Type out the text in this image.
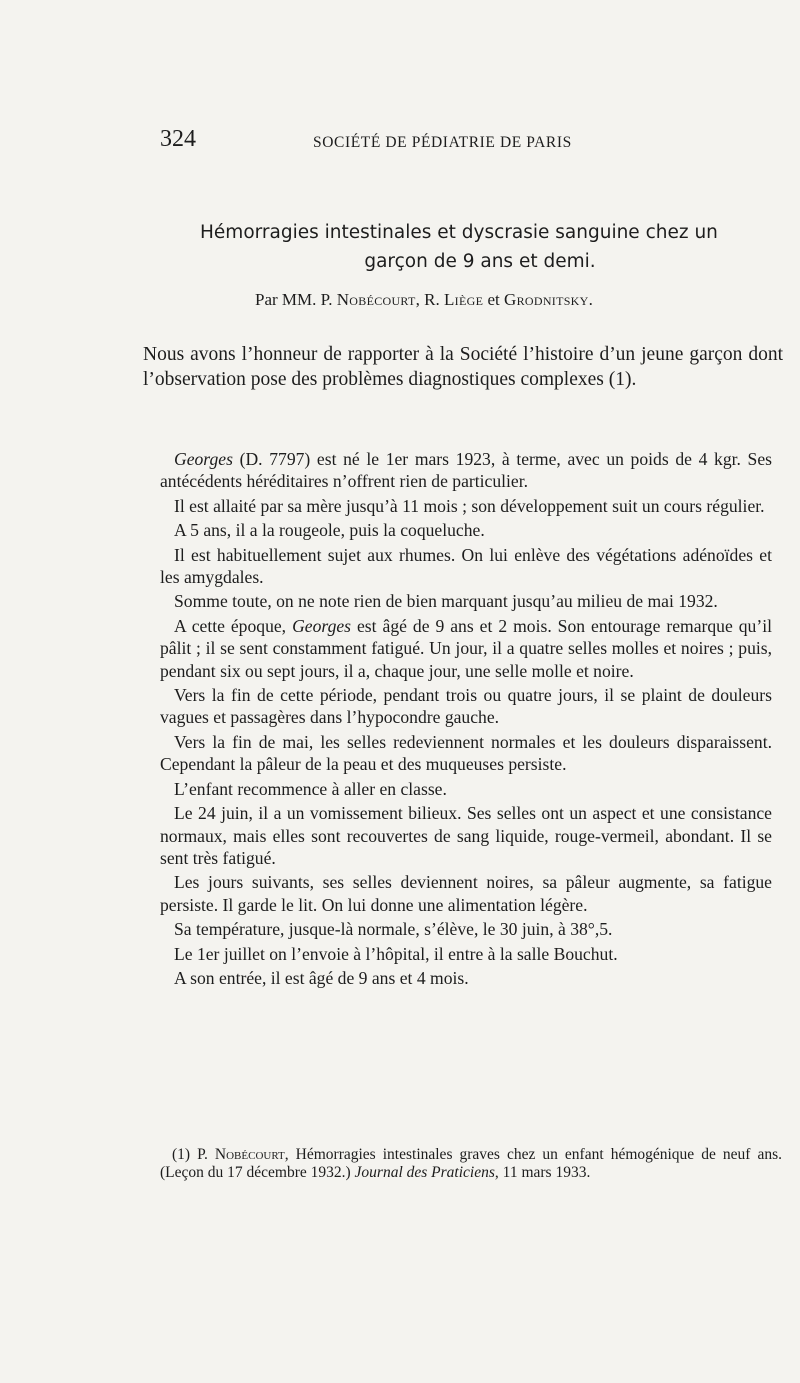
324	SOCIÉTÉ DE PÉDIATRIE DE PARIS
Hémorragies intestinales et dyscrasie sanguine chez un
garçon de 9 ans et demi.
Par MM. P. Nobécourt, R. Liège et Grodnitsky.
Nous avons l’honneur de rapporter à la Société l’histoire d’un jeune garçon dont l’observation pose des problèmes diagnostiques complexes (1).

Georges (D. 7797) est né le 1er mars 1923, à terme, avec un poids de 4 kgr. Ses antécédents héréditaires n’offrent rien de particulier.

Il est allaité par sa mère jusqu’à 11 mois ; son développement suit un cours régulier.

A 5 ans, il a la rougeole, puis la coqueluche.

Il est habituellement sujet aux rhumes. On lui enlève des végétations adénoïdes et les amygdales.

Somme toute, on ne note rien de bien marquant jusqu’au milieu de mai 1932.

A cette époque, Georges est âgé de 9 ans et 2 mois. Son entourage remarque qu’il pâlit ; il se sent constamment fatigué. Un jour, il a quatre selles molles et noires ; puis, pendant six ou sept jours, il a, chaque jour, une selle molle et noire.

Vers la fin de cette période, pendant trois ou quatre jours, il se plaint de douleurs vagues et passagères dans l’hypocondre gauche.

Vers la fin de mai, les selles redeviennent normales et les douleurs disparaissent. Cependant la pâleur de la peau et des muqueuses persiste.

L’enfant recommence à aller en classe.

Le 24 juin, il a un vomissement bilieux. Ses selles ont un aspect et une consistance normaux, mais elles sont recouvertes de sang liquide, rouge-vermeil, abondant. Il se sent très fatigué.

Les jours suivants, ses selles deviennent noires, sa pâleur augmente, sa fatigue persiste. Il garde le lit. On lui donne une alimentation légère.

Sa température, jusque-là normale, s’élève, le 30 juin, à 38°,5.

Le 1er juillet on l’envoie à l’hôpital, il entre à la salle Bouchut.

A son entrée, il est âgé de 9 ans et 4 mois.

(1) P. Nobécourt, Hémorragies intestinales graves chez un enfant hémogénique de neuf ans. (Leçon du 17 décembre 1932.) Journal des Praticiens, 11 mars 1933.
